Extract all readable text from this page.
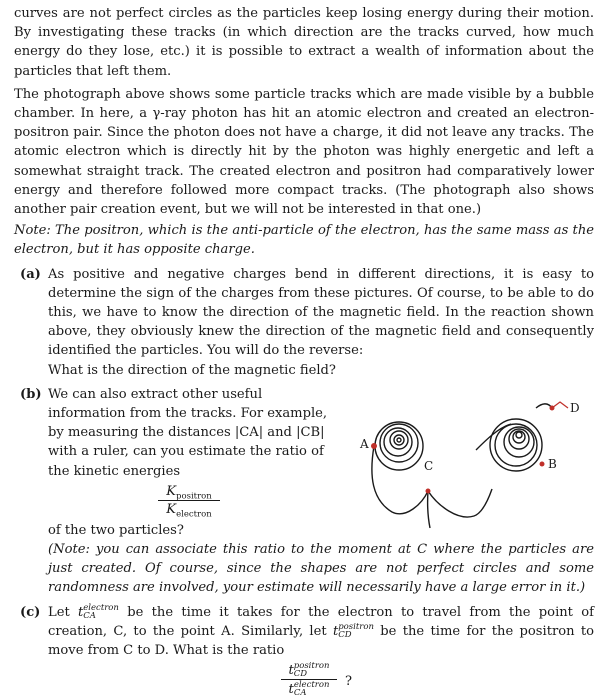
curves are not perfect circles as the particles keep losing energy during their motion. By investigating these tracks (in which direction are the tracks curved, how much energy do they lose, etc.) it is possible to extract a wealth of information about the particles that left them.

The photograph above shows some particle tracks which are made visible by a bubble chamber. In here, a γ-ray photon has hit an atomic electron and created an electron-positron pair. Since the photon does not have a charge, it did not leave any tracks. The atomic electron which is directly hit by the photon was highly energetic and left a somewhat straight track. The created electron and positron had comparatively lower energy and therefore followed more compact tracks. (The photograph also shows another pair creation event, but we will not be interested in that one.)

Note: The positron, which is the anti-particle of the electron, has the same mass as the electron, but it has opposite charge.

(a) As positive and negative charges bend in different directions, it is easy to determine the sign of the charges from these pictures. Of course, to be able to do this, we have to know the direction of the magnetic field. In the reaction shown above, they obviously knew the direction of the magnetic field and consequently identified the particles. You will do the reverse:

What is the direction of the magnetic field?

(b) We can also extract other useful information from the tracks. For example, by measuring the distances |CA| and |CB| with a ruler, can you estimate the ratio of the kinetic energies

$K_{positron}$
$K_{electron}$

of the two particles?

(Note: you can associate this ratio to the moment at C where the particles are just created. Of course, since the shapes are not perfect circles and some randomness are involved, your estimate will necessarily have a large error in it.)

(c) Let t electron
CA	be the time it takes for the electron to travel from the point of creation, C, to the point A. Similarly, let t positron
CD	be the time for the positron to move from C to D. What is the ratio

t positron
CD
t electron
CA
?
A
C
D
B
